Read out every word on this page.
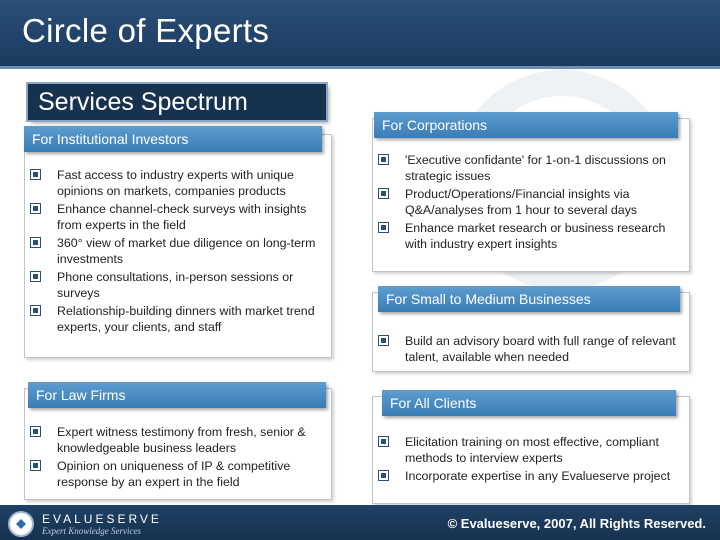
Circle of Experts
Services Spectrum
For Institutional Investors
Fast access to industry experts with unique opinions on markets, companies products
Enhance channel-check surveys with insights from experts in the field
360° view of market due diligence on long-term investments
Phone consultations, in-person sessions or surveys
Relationship-building dinners with market trend experts, your clients, and staff
For Law Firms
Expert witness testimony from fresh, senior & knowledgeable business leaders
Opinion on uniqueness of IP & competitive response by an expert in the field
For Corporations
'Executive confidante' for 1-on-1 discussions on strategic issues
Product/Operations/Financial insights via Q&A/analyses from 1 hour to several days
Enhance market research or business research with industry expert insights
For Small to Medium Businesses
Build an advisory board with full range of relevant talent, available when needed
For All Clients
Elicitation training on most effective, compliant methods to interview experts
Incorporate expertise in any Evalueserve project
EVALUESERVE
Expert Knowledge Services	© Evalueserve, 2007, All Rights Reserved.
